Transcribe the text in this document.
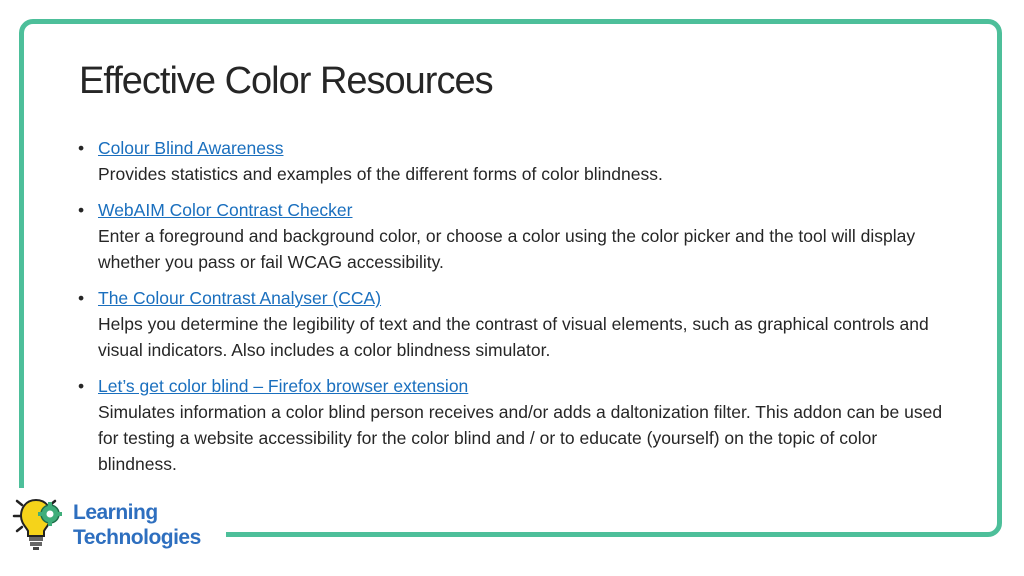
Effective Color Resources
• Colour Blind Awareness
Provides statistics and examples of the different forms of color blindness.
• WebAIM Color Contrast Checker
Enter a foreground and background color, or choose a color using the color picker and the tool will display whether you pass or fail WCAG accessibility.
• The Colour Contrast Analyser (CCA)
Helps you determine the legibility of text and the contrast of visual elements, such as graphical controls and visual indicators. Also includes a color blindness simulator.
• Let’s get color blind – Firefox browser extension
Simulates information a color blind person receives and/or adds a daltonization filter. This addon can be used for testing a website accessibility for the color blind and / or to educate (yourself) on the topic of color blindness.
Learning
Technologies
